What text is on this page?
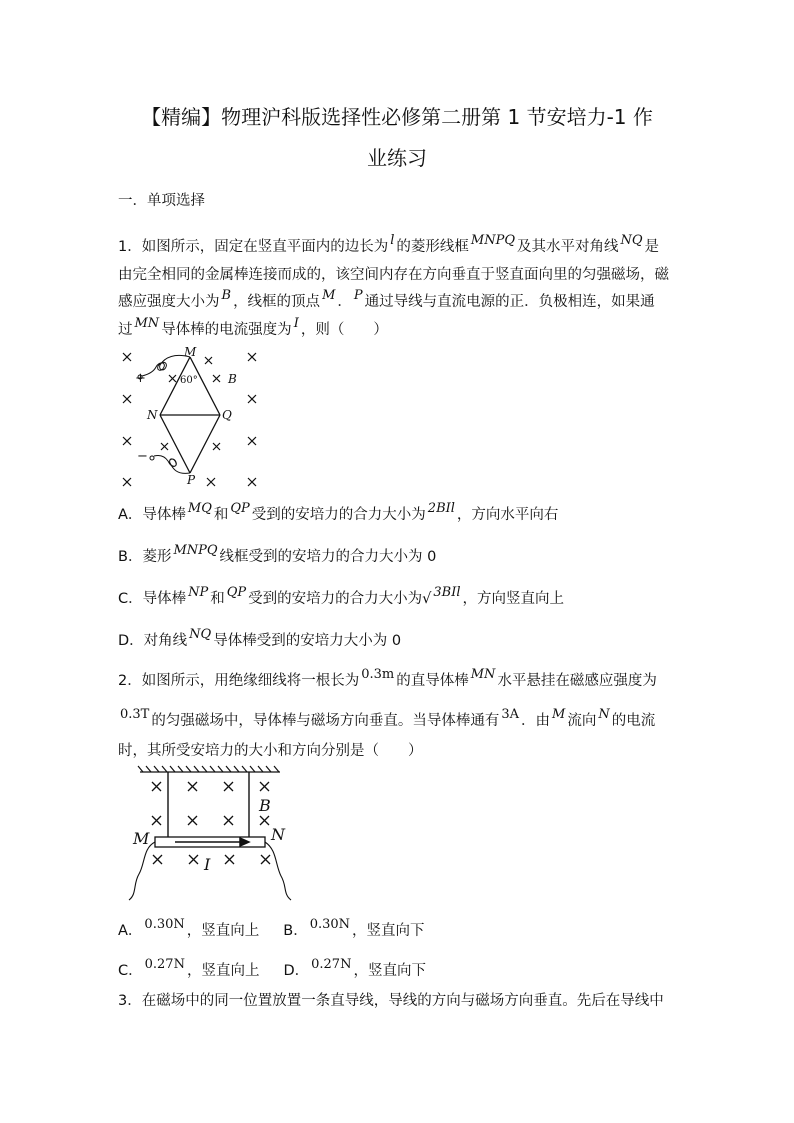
【精编】物理沪科版选择性必修第二册第 1 节安培力-1 作
业练习
一．单项选择
1．如图所示，固定在竖直平面内的边长为 l 的菱形线框 MNPQ 及其水平对角线 NQ 是
由完全相同的金属棒连接而成的，该空间内存在方向垂直于竖直面向里的匀强磁场，磁
感应强度大小为 B ，线框的顶点 M ． P 通过导线与直流电源的正．负极相连，如果通
过 MN 导体棒的电流强度为 I ，则（　　）
+
−
M
N	Q
P
B
60°
A．导体棒 MQ 和 QP 受到的安培力的合力大小为 2BIl ，方向水平向右
B．菱形 MNPQ 线框受到的安培力的合力大小为 0
C．导体棒 NP 和 QP 受到的安培力的合力大小为√ 3BIl ，方向竖直向上
D．对角线 NQ 导体棒受到的安培力大小为 0
2．如图所示，用绝缘细线将一根长为 0.3m 的直导体棒 MN 水平悬挂在磁感应强度为
0.3T 的匀强磁场中，导体棒与磁场方向垂直。当导体棒通有 3A ．由 M 流向 N 的电流
时，其所受安培力的大小和方向分别是（　　）
M	N
B
I
A． 0.30N ，竖直向上 B． 0.30N ，竖直向下
C． 0.27N ，竖直向上 D． 0.27N ，竖直向下
3．在磁场中的同一位置放置一条直导线，导线的方向与磁场方向垂直。先后在导线中
